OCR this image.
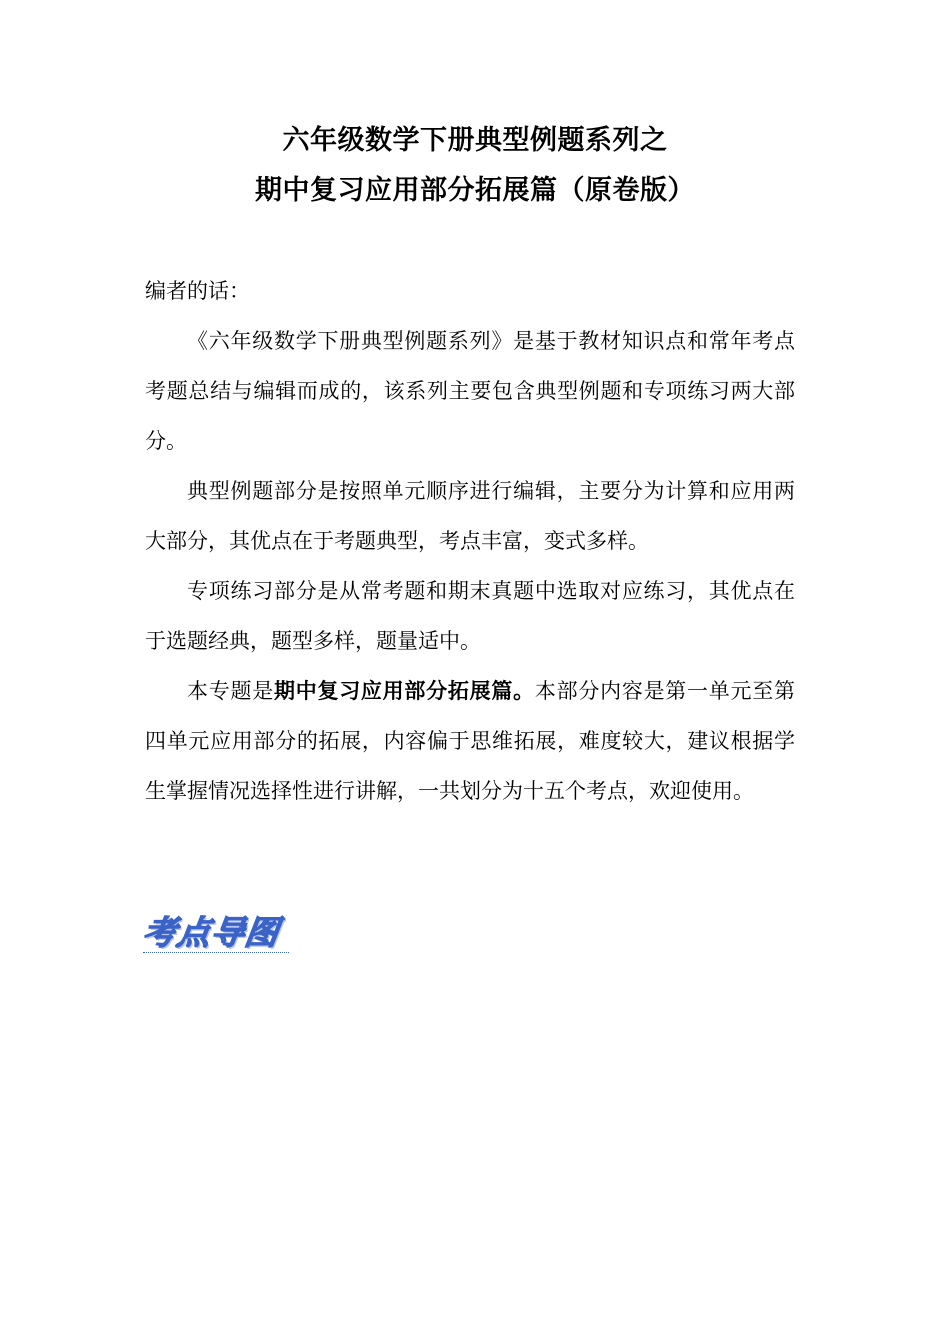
六年级数学下册典型例题系列之
期中复习应用部分拓展篇（原卷版）
编者的话：
《六年级数学下册典型例题系列》是基于教材知识点和常年考点考题总结与编辑而成的，该系列主要包含典型例题和专项练习两大部分。
典型例题部分是按照单元顺序进行编辑，主要分为计算和应用两大部分，其优点在于考题典型，考点丰富，变式多样。
专项练习部分是从常考题和期末真题中选取对应练习，其优点在于选题经典，题型多样，题量适中。
本专题是期中复习应用部分拓展篇。本部分内容是第一单元至第四单元应用部分的拓展，内容偏于思维拓展，难度较大，建议根据学生掌握情况选择性进行讲解，一共划分为十五个考点，欢迎使用。
考点导图
